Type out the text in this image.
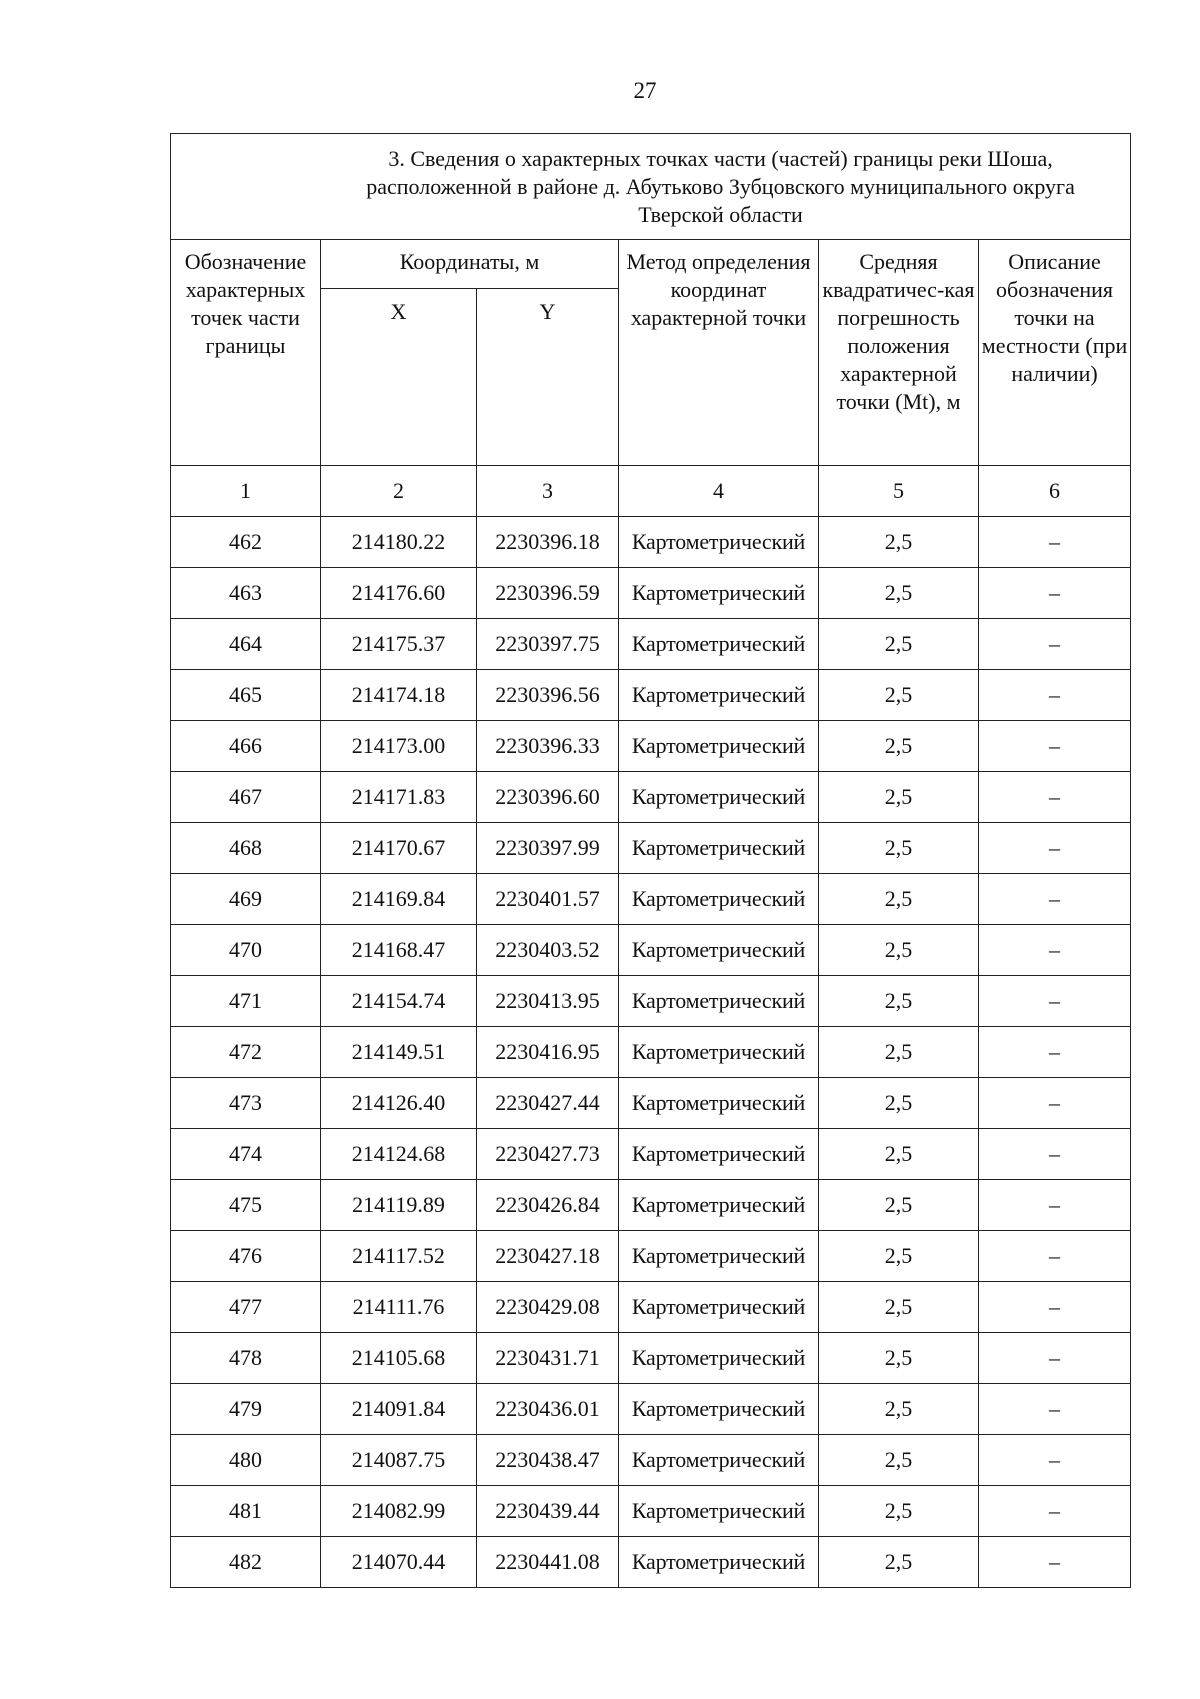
27
3. Сведения о характерных точках части (частей) границы реки Шоша, расположенной в районе д. Абутьково Зубцовского муниципального округа Тверской области					
Обозначение характерных точек части границы	Координаты, м		Метод определения координат характерной точки	Средняя квадратичес-кая погрешность положения характерной точки (Mt), м	Описание обозначения точки на местности (при наличии)
	X	Y			
1	2	3	4	5	6
462	214180.22	2230396.18	Картометрический	2,5	–
463	214176.60	2230396.59	Картометрический	2,5	–
464	214175.37	2230397.75	Картометрический	2,5	–
465	214174.18	2230396.56	Картометрический	2,5	–
466	214173.00	2230396.33	Картометрический	2,5	–
467	214171.83	2230396.60	Картометрический	2,5	–
468	214170.67	2230397.99	Картометрический	2,5	–
469	214169.84	2230401.57	Картометрический	2,5	–
470	214168.47	2230403.52	Картометрический	2,5	–
471	214154.74	2230413.95	Картометрический	2,5	–
472	214149.51	2230416.95	Картометрический	2,5	–
473	214126.40	2230427.44	Картометрический	2,5	–
474	214124.68	2230427.73	Картометрический	2,5	–
475	214119.89	2230426.84	Картометрический	2,5	–
476	214117.52	2230427.18	Картометрический	2,5	–
477	214111.76	2230429.08	Картометрический	2,5	–
478	214105.68	2230431.71	Картометрический	2,5	–
479	214091.84	2230436.01	Картометрический	2,5	–
480	214087.75	2230438.47	Картометрический	2,5	–
481	214082.99	2230439.44	Картометрический	2,5	–
482	214070.44	2230441.08	Картометрический	2,5	–
